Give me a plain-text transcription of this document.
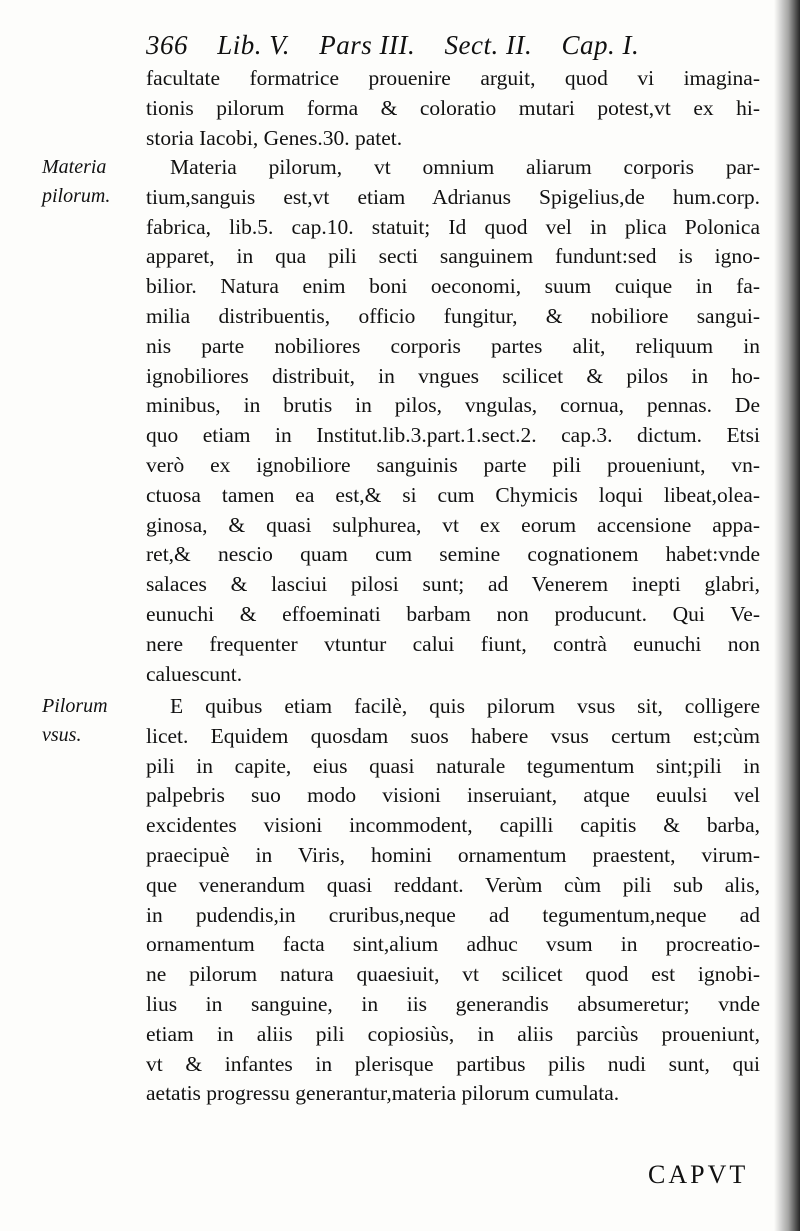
366 Lib. V. Pars III. Sect. II. Cap. I.
facultate formatrice prouenire arguit, quod vi imagina-
tionis pilorum forma & coloratio mutari potest,vt ex hi-
storia Iacobi, Genes.30. patet.
Materia
pilorum.
Materia pilorum, vt omnium aliarum corporis par-
tium,sanguis est,vt etiam Adrianus Spigelius,de hum.corp.
fabrica, lib.5. cap.10. statuit; Id quod vel in plica Polonica
apparet, in qua pili secti sanguinem fundunt:sed is igno-
bilior. Natura enim boni oeconomi, suum cuique in fa-
milia distribuentis, officio fungitur, & nobiliore sangui-
nis parte nobiliores corporis partes alit, reliquum in
ignobiliores distribuit, in vngues scilicet & pilos in ho-
minibus, in brutis in pilos, vngulas, cornua, pennas. De
quo etiam in Institut.lib.3.part.1.sect.2. cap.3. dictum. Etsi
verò ex ignobiliore sanguinis parte pili proueniunt, vn-
ctuosa tamen ea est,& si cum Chymicis loqui libeat,olea-
ginosa, & quasi sulphurea, vt ex eorum accensione appa-
ret,& nescio quam cum semine cognationem habet:vnde
salaces & lasciui pilosi sunt; ad Venerem inepti glabri,
eunuchi & effoeminati barbam non producunt. Qui Ve-
nere frequenter vtuntur calui fiunt, contrà eunuchi non
caluescunt.
Pilorum
vsus.
E quibus etiam facilè, quis pilorum vsus sit, colligere
licet. Equidem quosdam suos habere vsus certum est;cùm
pili in capite, eius quasi naturale tegumentum sint;pili in
palpebris suo modo visioni inseruiant, atque euulsi vel
excidentes visioni incommodent, capilli capitis & barba,
praecipuè in Viris, homini ornamentum praestent, virum-
que venerandum quasi reddant. Verùm cùm pili sub alis,
in pudendis,in cruribus,neque ad tegumentum,neque ad
ornamentum facta sint,alium adhuc vsum in procreatio-
ne pilorum natura quaesiuit, vt scilicet quod est ignobi-
lius in sanguine, in iis generandis absumeretur; vnde
etiam in aliis pili copiosiùs, in aliis parciùs proueniunt,
vt & infantes in plerisque partibus pilis nudi sunt, qui
aetatis progressu generantur,materia pilorum cumulata.
CAPVT
